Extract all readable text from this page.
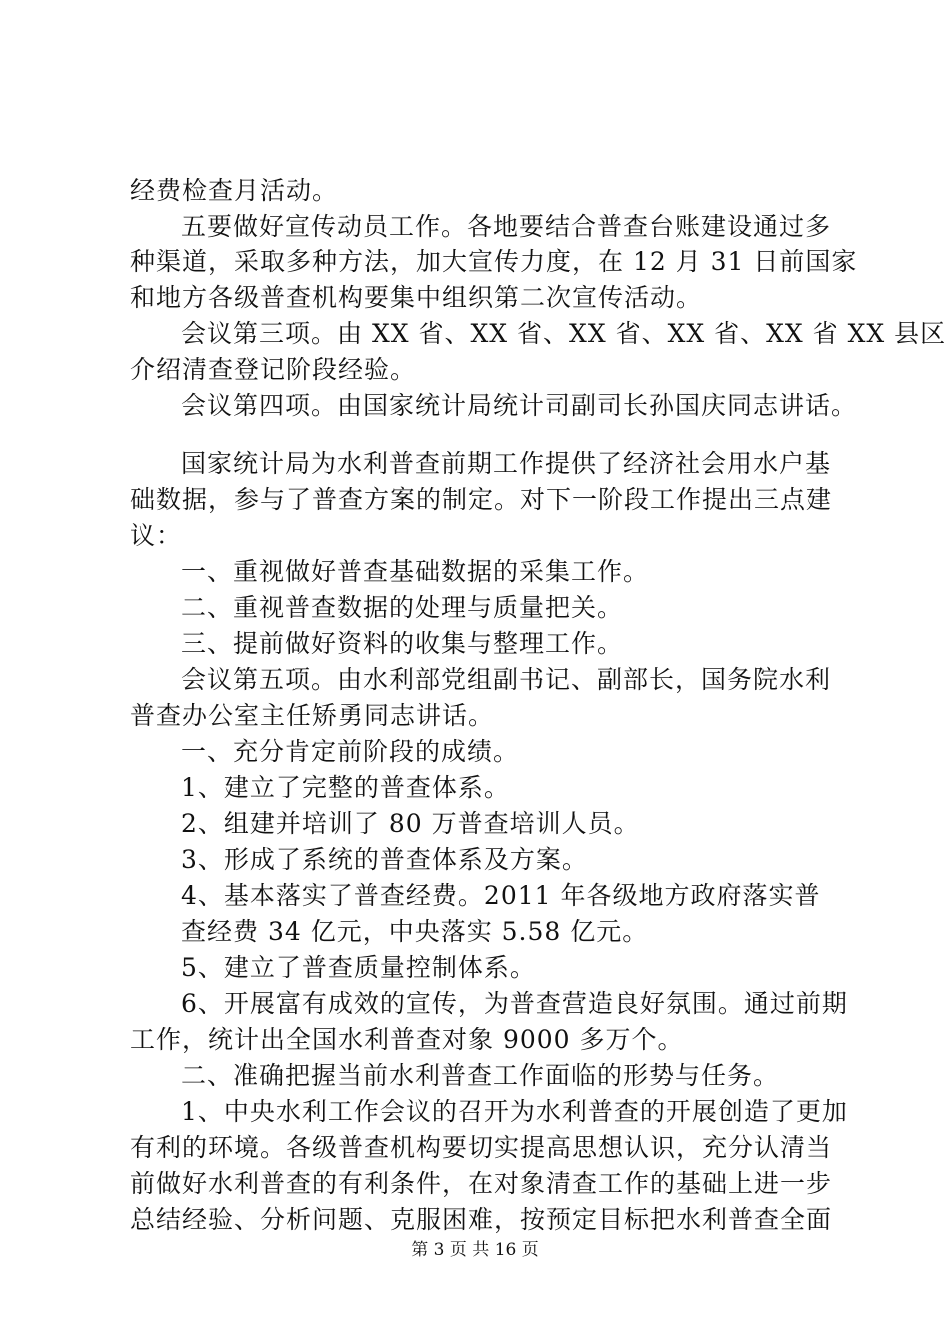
经费检查月活动。
五要做好宣传动员工作。各地要结合普查台账建设通过多
种渠道，采取多种方法，加大宣传力度，在 12 月 31 日前国家
和地方各级普查机构要集中组织第二次宣传活动。
会议第三项。由 XX 省、XX 省、XX 省、XX 省、XX 省 XX 县区
介绍清查登记阶段经验。
会议第四项。由国家统计局统计司副司长孙国庆同志讲话。
国家统计局为水利普查前期工作提供了经济社会用水户基
础数据，参与了普查方案的制定。对下一阶段工作提出三点建
议：
一、重视做好普查基础数据的采集工作。
二、重视普查数据的处理与质量把关。
三、提前做好资料的收集与整理工作。
会议第五项。由水利部党组副书记、副部长，国务院水利
普查办公室主任矫勇同志讲话。
一、充分肯定前阶段的成绩。
1、建立了完整的普查体系。
2、组建并培训了 80 万普查培训人员。
3、形成了系统的普查体系及方案。
4、基本落实了普查经费。2011 年各级地方政府落实普
查经费 34 亿元，中央落实 5.58 亿元。
5、建立了普查质量控制体系。
6、开展富有成效的宣传，为普查营造良好氛围。通过前期
工作，统计出全国水利普查对象 9000 多万个。
二、准确把握当前水利普查工作面临的形势与任务。
1、中央水利工作会议的召开为水利普查的开展创造了更加
有利的环境。各级普查机构要切实提高思想认识，充分认清当
前做好水利普查的有利条件，在对象清查工作的基础上进一步
总结经验、分析问题、克服困难，按预定目标把水利普查全面
第 3 页 共 16 页
